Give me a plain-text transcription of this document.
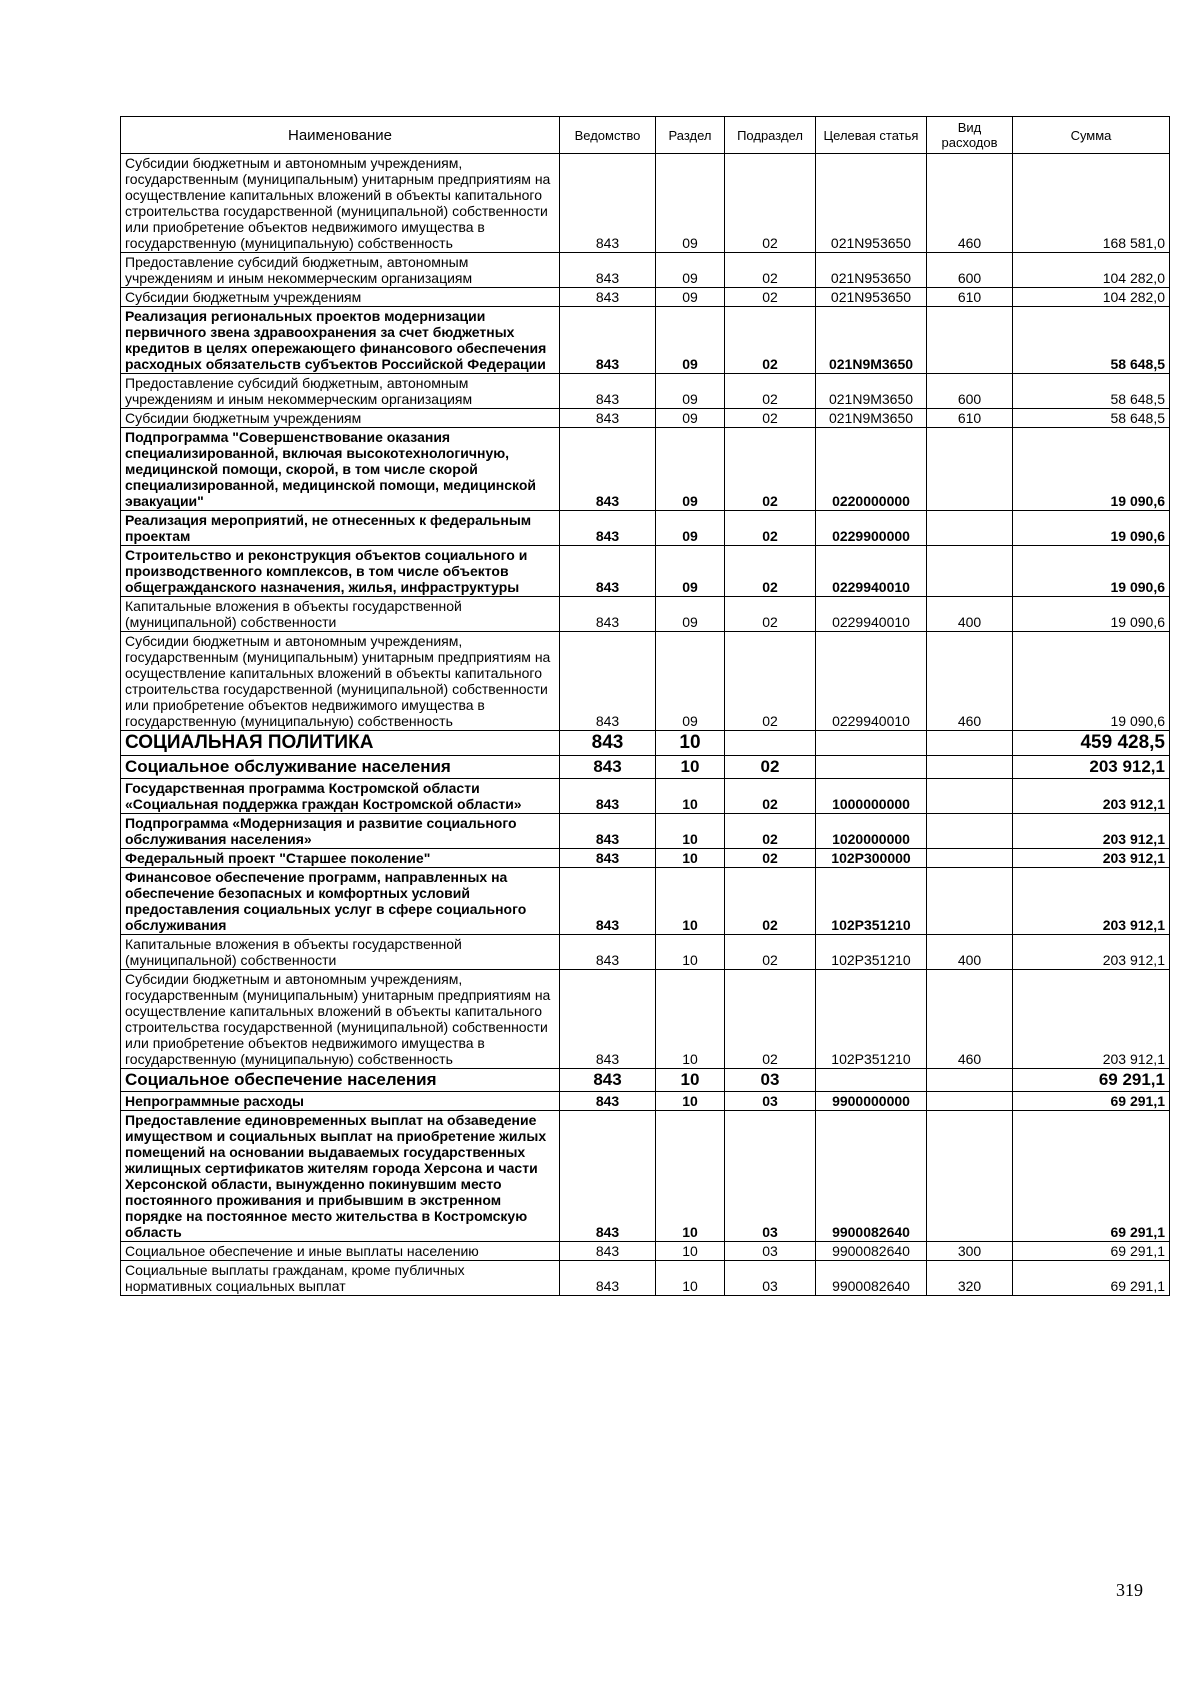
Наименование	Ведомство	Раздел	Подраздел	Целевая статья	Вид расходов	Сумма
Субсидии бюджетным и автономным учреждениям, государственным (муниципальным) унитарным предприятиям на осуществление капитальных вложений в объекты капитального строительства государственной (муниципальной) собственности или приобретение объектов недвижимого имущества в государственную (муниципальную) собственность	843	09	02	021N953650	460	168 581,0
Предоставление субсидий бюджетным, автономным учреждениям и иным некоммерческим организациям	843	09	02	021N953650	600	104 282,0
Субсидии бюджетным учреждениям	843	09	02	021N953650	610	104 282,0
Реализация региональных проектов модернизации первичного звена здравоохранения за счет бюджетных кредитов в целях опережающего финансового обеспечения расходных обязательств субъектов Российской Федерации	843	09	02	021N9M3650		58 648,5
Предоставление субсидий бюджетным, автономным учреждениям и иным некоммерческим организациям	843	09	02	021N9M3650	600	58 648,5
Субсидии бюджетным учреждениям	843	09	02	021N9M3650	610	58 648,5
Подпрограмма "Совершенствование оказания специализированной, включая высокотехнологичную, медицинской помощи, скорой, в том числе скорой специализированной, медицинской помощи, медицинской эвакуации"	843	09	02	0220000000		19 090,6
Реализация мероприятий, не отнесенных к федеральным проектам	843	09	02	0229900000		19 090,6
Строительство и реконструкция объектов социального и производственного комплексов, в том числе объектов общегражданского назначения, жилья, инфраструктуры	843	09	02	0229940010		19 090,6
Капитальные вложения в объекты государственной (муниципальной) собственности	843	09	02	0229940010	400	19 090,6
Субсидии бюджетным и автономным учреждениям, государственным (муниципальным) унитарным предприятиям на осуществление капитальных вложений в объекты капитального строительства государственной (муниципальной) собственности или приобретение объектов недвижимого имущества в государственную (муниципальную) собственность	843	09	02	0229940010	460	19 090,6
СОЦИАЛЬНАЯ ПОЛИТИКА	843	10				459 428,5
Социальное обслуживание населения	843	10	02			203 912,1
Государственная программа Костромской области «Социальная поддержка граждан Костромской области»	843	10	02	1000000000		203 912,1
Подпрограмма «Модернизация и развитие социального обслуживания населения»	843	10	02	1020000000		203 912,1
Федеральный проект "Старшее поколение"	843	10	02	102P300000		203 912,1
Финансовое обеспечение программ, направленных на обеспечение безопасных и комфортных условий предоставления социальных услуг в сфере социального обслуживания	843	10	02	102P351210		203 912,1
Капитальные вложения в объекты государственной (муниципальной) собственности	843	10	02	102P351210	400	203 912,1
Субсидии бюджетным и автономным учреждениям, государственным (муниципальным) унитарным предприятиям на осуществление капитальных вложений в объекты капитального строительства государственной (муниципальной) собственности или приобретение объектов недвижимого имущества в государственную (муниципальную) собственность	843	10	02	102P351210	460	203 912,1
Социальное обеспечение населения	843	10	03			69 291,1
Непрограммные расходы	843	10	03	9900000000		69 291,1
Предоставление единовременных выплат на обзаведение имуществом и социальных выплат на приобретение жилых помещений на основании выдаваемых государственных жилищных сертификатов жителям города Херсона и части Херсонской области, вынужденно покинувшим место постоянного проживания и прибывшим в экстренном порядке на постоянное место жительства в Костромскую область	843	10	03	9900082640		69 291,1
Социальное обеспечение и иные выплаты населению	843	10	03	9900082640	300	69 291,1
Социальные выплаты гражданам, кроме публичных нормативных социальных выплат	843	10	03	9900082640	320	69 291,1
319
